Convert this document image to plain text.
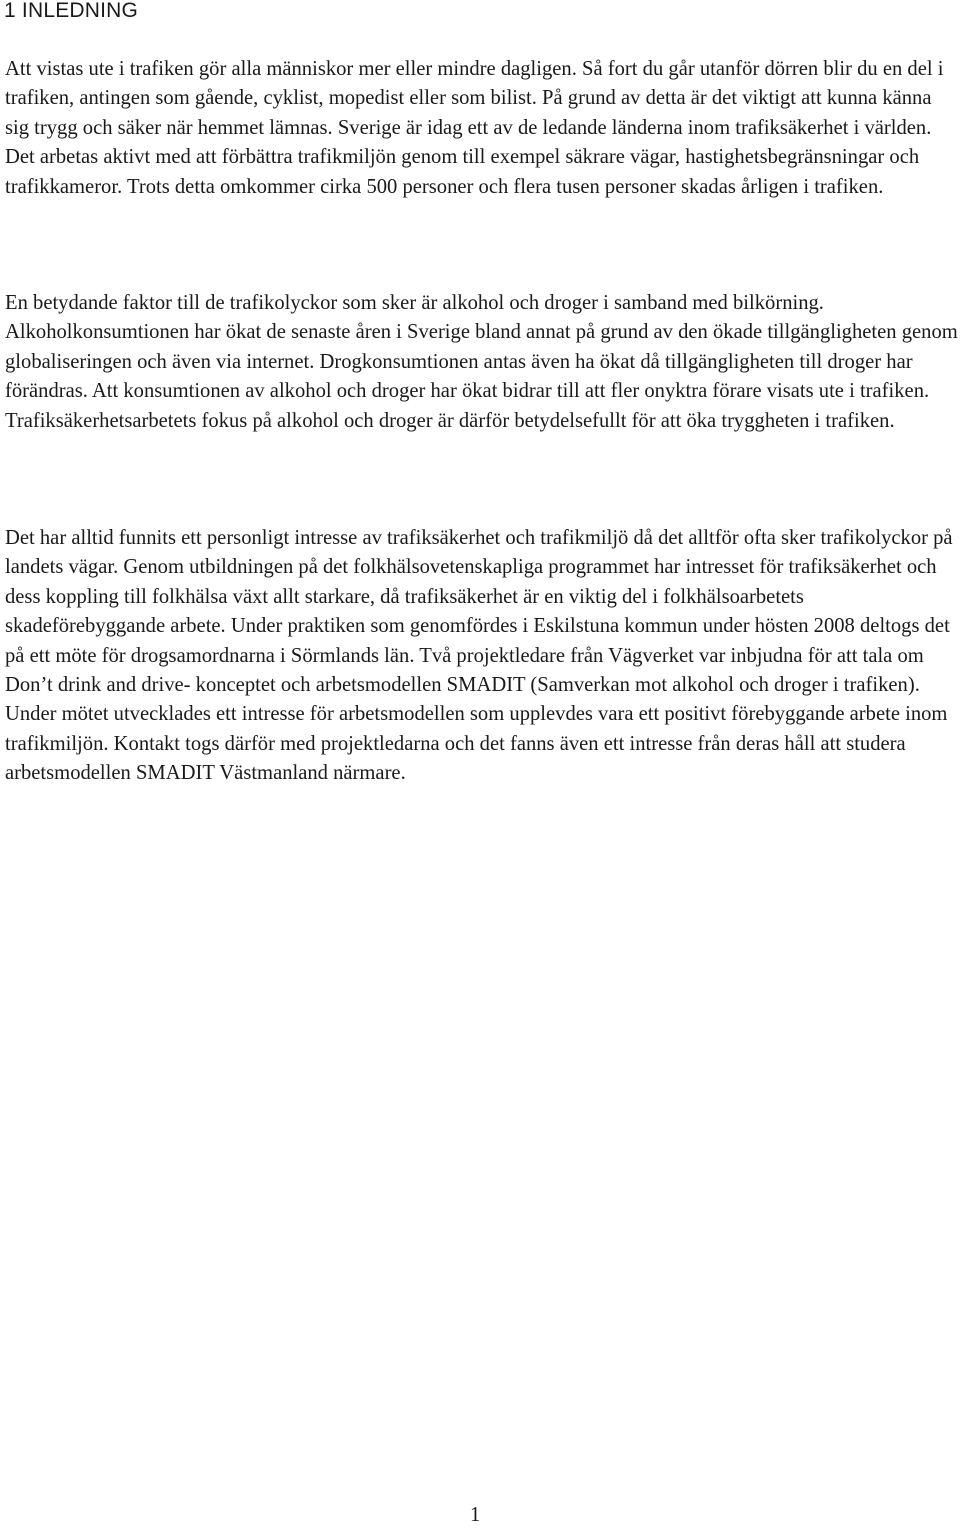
1 INLEDNING

Att vistas ute i trafiken gör alla människor mer eller mindre dagligen. Så fort du går utanför dörren blir du en del i trafiken, antingen som gående, cyklist, mopedist eller som bilist. På grund av detta är det viktigt att kunna känna sig trygg och säker när hemmet lämnas. Sverige är idag ett av de ledande länderna inom trafiksäkerhet i världen. Det arbetas aktivt med att förbättra trafikmiljön genom till exempel säkrare vägar, hastighetsbegränsningar och trafikkameror. Trots detta omkommer cirka 500 personer och flera tusen personer skadas årligen i trafiken.

En betydande faktor till de trafikolyckor som sker är alkohol och droger i samband med bilkörning. Alkoholkonsumtionen har ökat de senaste åren i Sverige bland annat på grund av den ökade tillgängligheten genom globaliseringen och även via internet. Drogkonsumtionen antas även ha ökat då tillgängligheten till droger har förändras. Att konsumtionen av alkohol och droger har ökat bidrar till att fler onyktra förare visats ute i trafiken. Trafiksäkerhetsarbetets fokus på alkohol och droger är därför betydelsefullt för att öka tryggheten i trafiken.

Det har alltid funnits ett personligt intresse av trafiksäkerhet och trafikmiljö då det alltför ofta sker trafikolyckor på landets vägar. Genom utbildningen på det folkhälsovetenskapliga programmet har intresset för trafiksäkerhet och dess koppling till folkhälsa växt allt starkare, då trafiksäkerhet är en viktig del i folkhälsoarbetets skadeförebyggande arbete. Under praktiken som genomfördes i Eskilstuna kommun under hösten 2008 deltogs det på ett möte för drogsamordnarna i Sörmlands län. Två projektledare från Vägverket var inbjudna för att tala om Don’t drink and drive- konceptet och arbetsmodellen SMADIT (Samverkan mot alkohol och droger i trafiken). Under mötet utvecklades ett intresse för arbetsmodellen som upplevdes vara ett positivt förebyggande arbete inom trafikmiljön. Kontakt togs därför med projektledarna och det fanns även ett intresse från deras håll att studera arbetsmodellen SMADIT Västmanland närmare.

1
